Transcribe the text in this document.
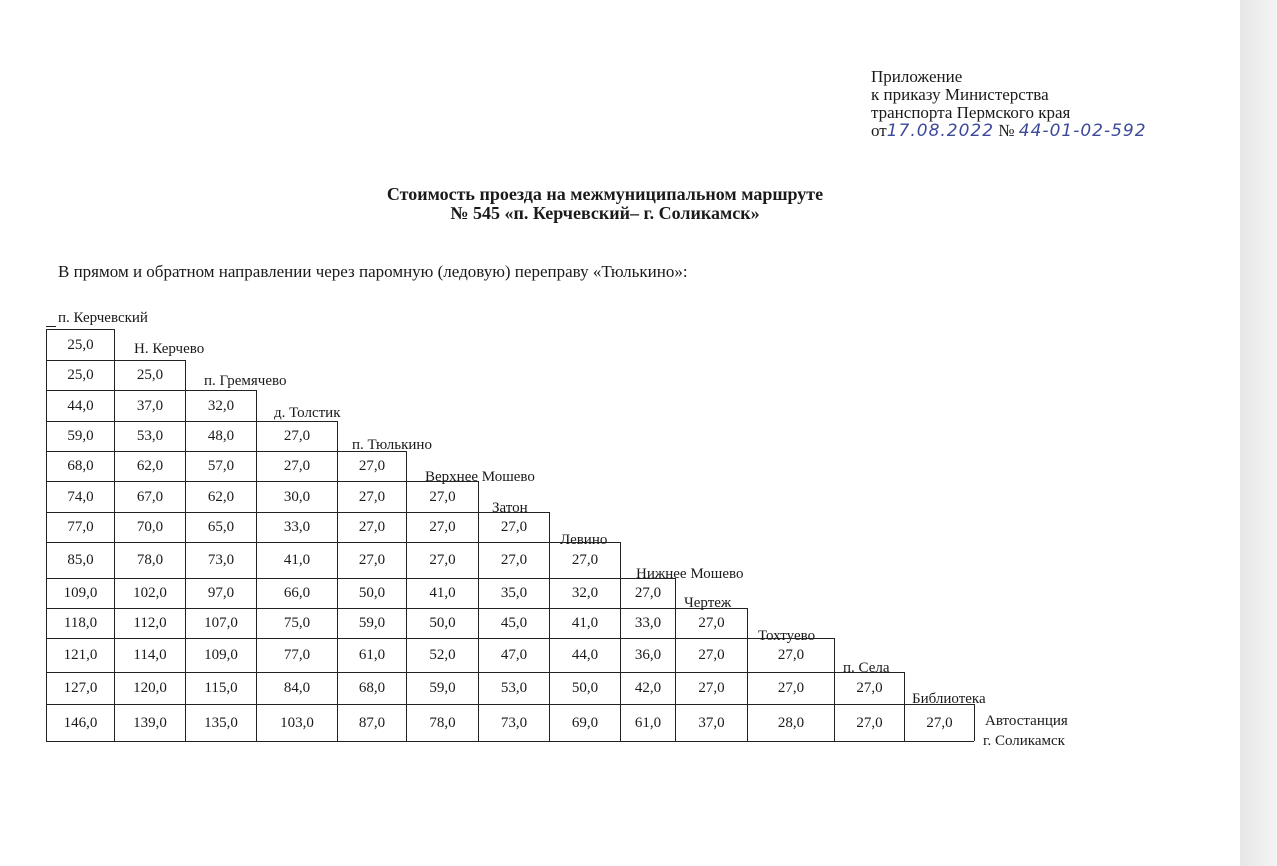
Приложение
к приказу Министерства
транспорта Пермского края
от17.08.2022 № 44-01-02-592
Стоимость проезда на межмуниципальном маршруте
№ 545 «п. Керчевский– г. Соликамск»
В прямом и обратном направлении через паромную (ледовую) переправу «Тюлькино»:
25,0
25,0	25,0
44,0	37,0	32,0
59,0	53,0	48,0	27,0
68,0	62,0	57,0	27,0	27,0
74,0	67,0	62,0	30,0	27,0	27,0
77,0	70,0	65,0	33,0	27,0	27,0	27,0
85,0	78,0	73,0	41,0	27,0	27,0	27,0	27,0
109,0	102,0	97,0	66,0	50,0	41,0	35,0	32,0	27,0
118,0	112,0	107,0	75,0	59,0	50,0	45,0	41,0	33,0	27,0
121,0	114,0	109,0	77,0	61,0	52,0	47,0	44,0	36,0	27,0	27,0
127,0	120,0	115,0	84,0	68,0	59,0	53,0	50,0	42,0	27,0	27,0	27,0
146,0	139,0	135,0	103,0	87,0	78,0	73,0	69,0	61,0	37,0	28,0	27,0	27,0
п. Керчевский
Н. Керчево
п. Гремячево
д. Толстик
п. Тюлькино
Верхнее Мошево
Затон
Левино
Нижнее Мошево
Чертеж
Тохтуево
п. Села
Библиотека
Автостанция
г. Соликамск
